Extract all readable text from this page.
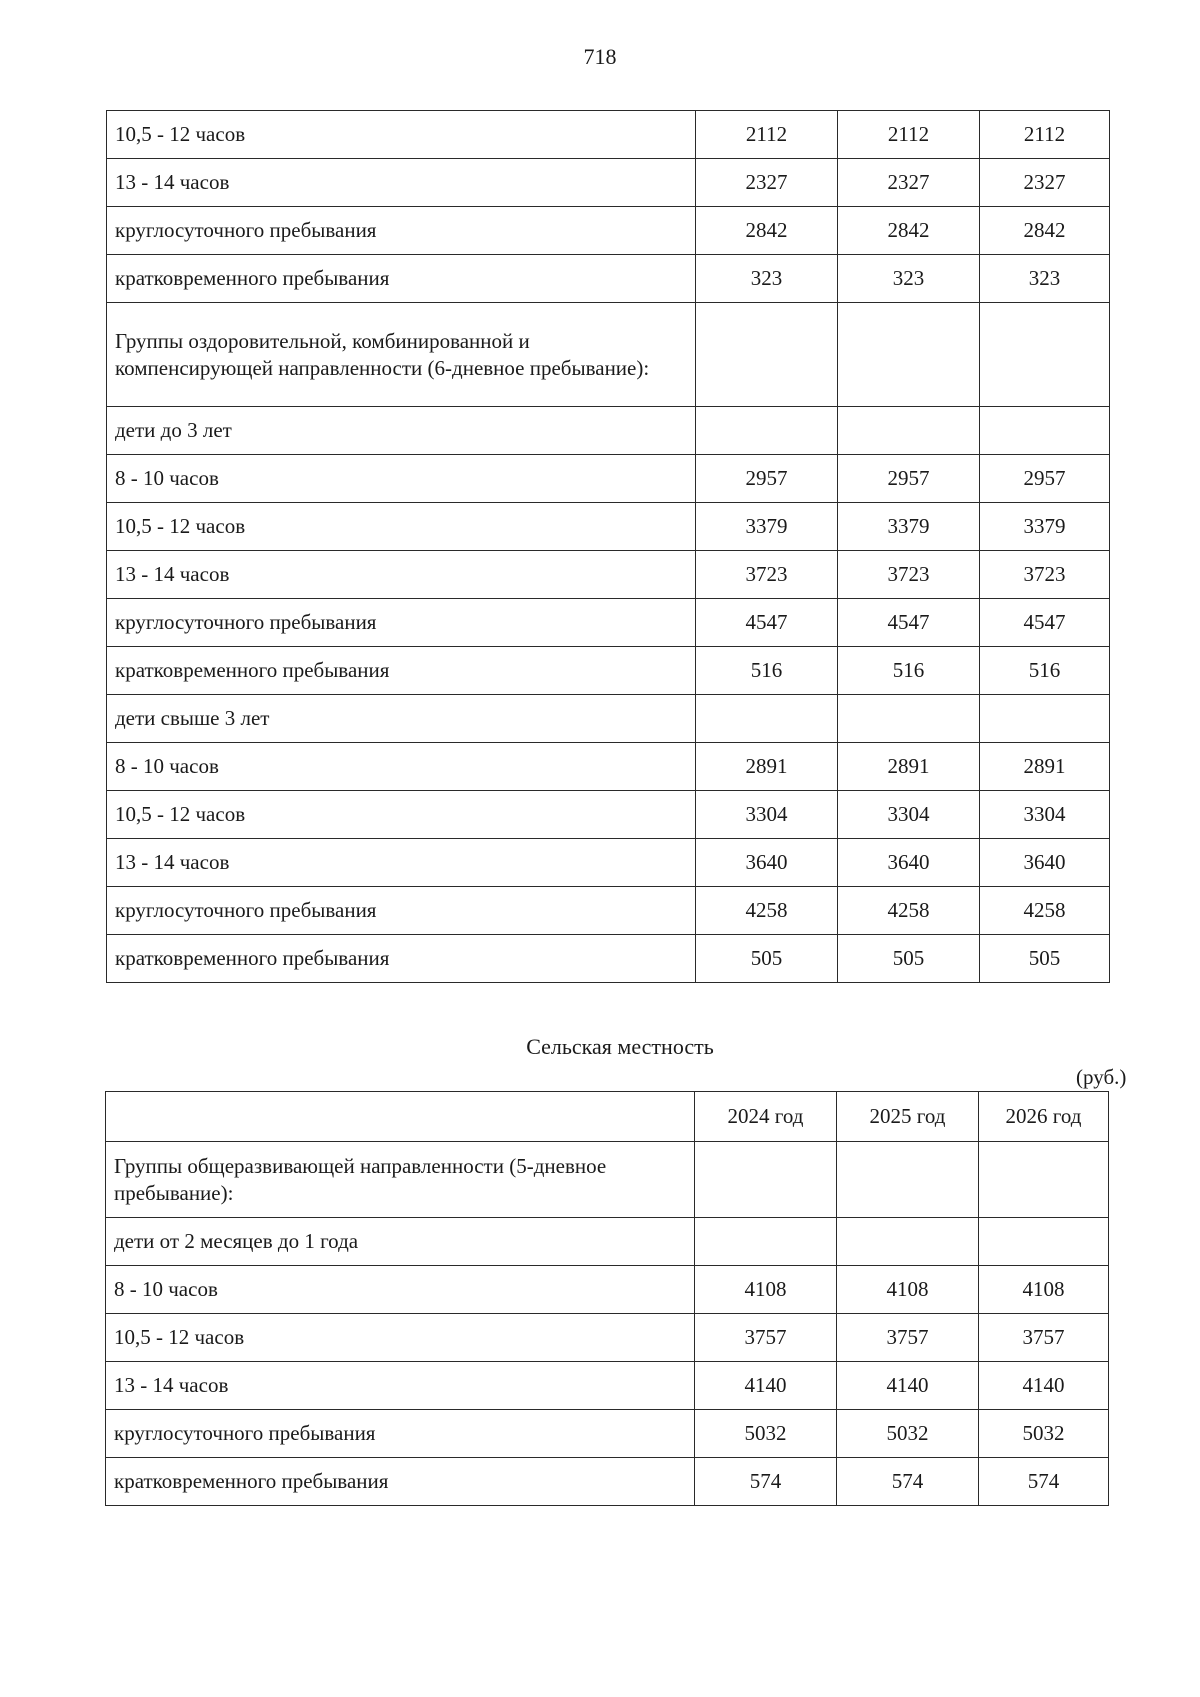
718
10,5 - 12 часов	2112	2112	2112
13 - 14 часов	2327	2327	2327
круглосуточного пребывания	2842	2842	2842
кратковременного пребывания	323	323	323
Группы оздоровительной, комбинированной и компенсирующей направленности (6-дневное пребывание):			
дети до 3 лет			
8 - 10 часов	2957	2957	2957
10,5 - 12 часов	3379	3379	3379
13 - 14 часов	3723	3723	3723
круглосуточного пребывания	4547	4547	4547
кратковременного пребывания	516	516	516
дети свыше 3 лет			
8 - 10 часов	2891	2891	2891
10,5 - 12 часов	3304	3304	3304
13 - 14 часов	3640	3640	3640
круглосуточного пребывания	4258	4258	4258
кратковременного пребывания	505	505	505
Сельская местность
(руб.)
	2024 год	2025 год	2026 год
Группы общеразвивающей направленности (5-дневное пребывание):			
дети от 2 месяцев до 1 года			
8 - 10 часов	4108	4108	4108
10,5 - 12 часов	3757	3757	3757
13 - 14 часов	4140	4140	4140
круглосуточного пребывания	5032	5032	5032
кратковременного пребывания	574	574	574
